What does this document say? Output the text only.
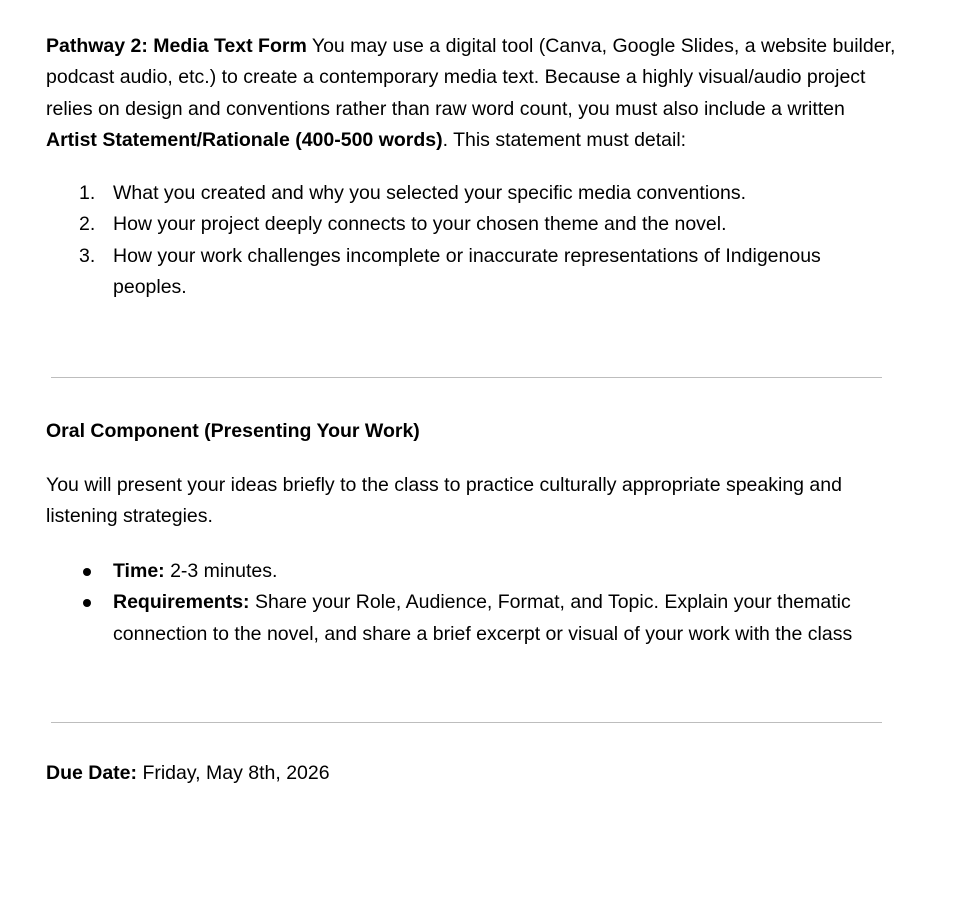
Pathway 2: Media Text Form You may use a digital tool (Canva, Google Slides, a website builder, podcast audio, etc.) to create a contemporary media text. Because a highly visual/audio project relies on design and conventions rather than raw word count, you must also include a written Artist Statement/Rationale (400-500 words). This statement must detail:

1. What you created and why you selected your specific media conventions.
2. How your project deeply connects to your chosen theme and the novel.
3. How your work challenges incomplete or inaccurate representations of Indigenous peoples.

Oral Component (Presenting Your Work)

You will present your ideas briefly to the class to practice culturally appropriate speaking and listening strategies.

Time: 2-3 minutes.
Requirements: Share your Role, Audience, Format, and Topic. Explain your thematic connection to the novel, and share a brief excerpt or visual of your work with the class

Due Date: Friday, May 8th, 2026
